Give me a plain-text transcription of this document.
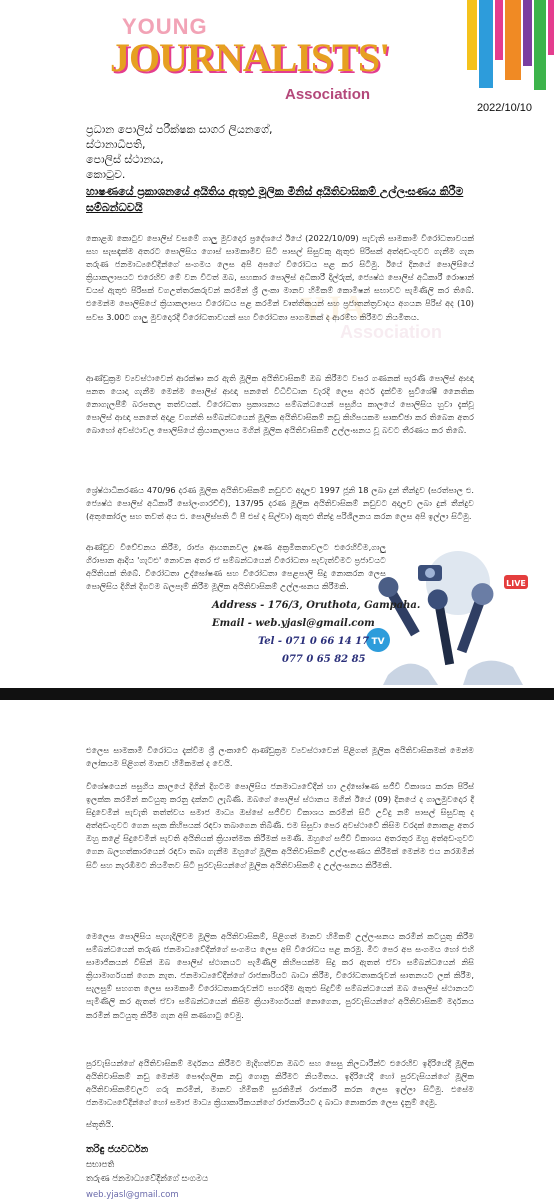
YOUNG
JOURNALISTS'
Association
2022/10/10
ප්‍රධාන පොලිස් පරීක්ෂක සාගර ලියනගේ,
ස්ථානාධිපති,
පොලිස් ස්ථානය,
කොටුව.
හාෂණයේ ප්‍රකාශනයේ අයිතිය ඇතුළු මූලික මිනිස් අයිතිවාසිකම් උල්ලංඝණය කිරීම සම්බන්ධවයි
YJA
Association

කොළඹ කොටුව පොලිස් වසමේ ගාලු මුවදොර ප්‍රදේශයේ ඊයේ (2022/10/09) පැවැති සාමකාමී විරෝධතාවයක් සහ සැසඳැක්ම අතරට පොලිසිය ගොස් සාමකාමීව සිටි පාසල් සිසුවකු ඇතුළු පිරිසක් අත්අඩංගුවට ගැනීම ගැන තරුණ ජනමාධ්‍යවේදීන්ගේ සංගමය ලෙස අපි අපගේ විරෝධය පළ කර සිටිමු. ඊයේ දිනයේ පොලිසියේ ක්‍රියාකලාපයට එරෙහිව මේ වන විටත් ඔබ, සහකාර පොලිස් අධිකාරී දිල්රුක්, ජ්‍යෙෂ්ඨ පොලිස් අධිකාරී රොෂාන් ඩයස් ඇතුළු පිරිසක් වගඋත්තරකරුවන් කරමින් ශ්‍රී ලංකා මානව හිමිකම් කොමිෂන් සභාවට පැමිණිලි කර තිබේ. එමෙන්ම පොලිසියේ ක්‍රියාකලාපය විරෝධය පළ කරමින් වෘත්තිකයන් සහ ප්‍රජාතන්ත්‍රවාදය අගයන පිරිස් අද (10) සවස 3.00ට ගාලු මුවදොරදී විරෝධතාවයක් සහ විරෝධතා පාගමනක් ද ආරම්භ කිරීමට නියමිතය.

ආණ්ඩුක්‍රම ව්‍යවස්ථාවෙන් ආරක්ෂා කර ඇති මූලික අයිතිවාසිකම් ඔබ කිරීමට වසර ගණනක් පැරණි පොලිස් ආඥා පනත යොදා ගැනීම මෙන්ම පොලිස් ආඥා පනතේ විධිවිධාන වැරදි ලෙස අර්ථ දැක්වීම සුවිශේෂී නෛතික නොගැලපීම් බරපතල තත්වයක්. විරෝධතා ප්‍රකාශනය සම්බන්ධයෙන් පසුගිය කාලයේ පොලිසිය හුවා දැක්වූ පොලිස් ආඥා පනතේ අදාළ වගන්ති සම්බන්ධයෙන් මූලික අයිතිවාසිකම් නඩු කිහිපයකම සාකච්ඡා කර තිබෙන අතර බොහෝ අවස්ථාවල පොලිසියේ ක්‍රියාකලාපය මගින් මූලික අයිතිවාසිකම් උල්ලංඝනය වූ බවට තීරණය කර තිබේ.

ශ්‍රේෂ්ඨාධිකරණය 470/96 දරණ මූලික අයිතිවාසිකම් නඩුවට අදාලව 1997 ජූනි 18 ලබා දුන් තීන්දුව (සරත්පාල එ. ජ්‍යෙෂ්ඨ පොලිස් අධිකාරී සෝලංගාරච්චි), 137/95 දරණ මූලික අයිතිවාසිකම් නඩුවට අදාලව ලබා දුන් තීන්දුව (අතුකෝරල සහ තවත් අය එ. පොලිස්පති ටී පී එස් ද සිල්වා) ඇතුළු තීන්දු පරිශීලනය කරන ලෙස අපි ඉල්ලා සිටිමු.

ආණ්ඩුව විවේචනය කිරීම, රාජ්‍ය ආයතනවල දූෂණ අක්‍රමිකතාවලට එරෙහිවීම,ගාලු ගිරාපාන ආදිය 'ගැටළු' නොවන අතර ඒ සම්බන්ධයෙන් විරෝධතා පැවැත්වීමට ප්‍රජාවයට අයිතියක් තිබේ. විරෝධතා උද්ඝෝෂණ සහ විරෝධතා පෙළපාලි සිදු නොකරන ලෙස පොලිසිය දිගින් දිගටම බලපෑම් කිරීම මූලික අයිතිවාසිකම් උල්ලංඝනය කිරීමකි.	LIVE
TV
Address - 176/3, Oruthota, Gampaha.
Email - web.yjasl@gmail.com
Tel - 071 0 66 14 17
077 0 65 82 85

එලෙස සාමකාමී විරෝධය දැක්වීම ශ්‍රී ලංකාවේ ආණ්ඩුක්‍රම ව්‍යවස්ථාවෙන් පිළිගත් මූලික අයිතිවාසිකමක් මෙන්ම ලෝකයම පිළිගත් මානව හිමිකමක් ද වෙයි.

විශේෂයෙන් පසුගිය කාලයේ දිගින් දිගටම පොලිසිය ජනමාධ්‍යවේදීන් හා උද්ඝෝෂණ සජීවී විකාශය කරන පිරිස් ඉලක්ක කරමින් කටයුතු කරනු දක්නට ලැබිණි. ඔබගේ පොලිස් ස්ථානය මගින් ඊයේ (09) දිනයේ ද ගාලුමුවදොර දී සිදුවෙමින් පැවැති තත්ත්වය සමාජ මාධ්‍ය ඔස්සේ සජීවීව විකාශය කරමින් සිටි උවිදු නම් පාසල් සිසුවකු ද අත්අඩංගුවට ගෙන සැක කිහිපයක් රඳවා තබාගෙන තිබිණි. එම සිසුවා පෙර අවස්ථාවේ කිසිම වරදක් නොකළ අතර ඔහු කළේ සිදුවෙමින් පැවති අයිතියක් ක්‍රියාත්මක කිරීමක් පමණි. ඔහුගේ සජීවී විකාශය අතරතුර ඔහු අත්අඩංගුවට ගෙන බලහත්කාරයෙන් රඳවා තබා ගැනීම ඔහුගේ මූලික අයිතිවාසිකම් උල්ලංඝණය කිරීමක් මෙන්ම එය නරඹමින් සිටි සහ නැරඹීමට නියමිතව සිටි පුරවැසියන්ගේ මූලික අයිතිවාසිකම් ද උල්ලංඝනය කිරීමකි.

මෙලෙස පොලිසිය පැහැදිලිවම මූලික අයිතිවාසිකම්, පිළිගත් මානව හිමිකම් උල්ලංඝනය කරමින් කටයුතු කිරීම සම්බන්ධයෙන් තරුණ ජනමාධ්‍යවේදීන්ගේ සංගමය ලෙස අපි විරෝධය පළ කරමු. මීට පෙර අප සංගමය හෝ එහි සාමාජිකයන් විසින් ඔබ පොලිස් ස්ථානයට පැමිණිලි කිහිපයක්ම සිදු කර ඇතත් ඒවා සම්බන්ධයෙන් නිසි ක්‍රියාමාර්ගයක් ගෙන නැත. ජනමාධ්‍යවේදීන්ගේ රාජකාරියට බාධා කිරීම, විරෝධතාකරුවන් ඝාතනයට ලක් කිරීම, සැලසුම් සහගත ලෙස සාමකාමී විරෝධතාකරුවන්ට පහරදීම ඇතුළු සිදුවීම් සම්බන්ධයෙන් ඔබ පොලිස් ස්ථානයට පැමිණිලි කර ඇතත් ඒවා සම්බන්ධයෙන් කිසිම ක්‍රියාමාර්ගයක් නොගෙන, පුරවැසියන්ගේ අයිතිවාසිකම් මර්දනය කරමින් කටයුතු කිරීම ගැන අපි කණගාටු වෙමු.

පුරවැසියන්ගේ අයිතිවාසිකම් මර්දනය කිරීමට මැදිහත්වන ඔබට සහ සෙසු නිලධාරීන්ට එරෙහිව ඉදිරියේදී මූලික අයිතිවාසිකම් නඩු මෙන්ම පෞද්ගලික නඩු ගොනු කිරීමට නියමිතය. ඉදිරියේදී හෝ පුරවැසියන්ගේ මූලික අයිතිවාසිකම්වලට ගරු කරමින්, මානව හිමිකම් සුරකිමින් රාජකාරී කරන ලෙස ඉල්ලා සිටිමු. එසේම ජනමාධ්‍යවේදීන්ගේ හෝ සමාජ මාධ්‍ය ක්‍රියාකාරිකයන්ගේ රාජකාරියට ද බාධා නොකරන ලෙස දැනුම් දෙමු.

ස්තූතියි.
තරිඳු ජයවර්ධන
සභාපති
තරුණ ජනමාධ්‍යවේදීන්ගේ සංගමය
web.yjasl@gmail.com
